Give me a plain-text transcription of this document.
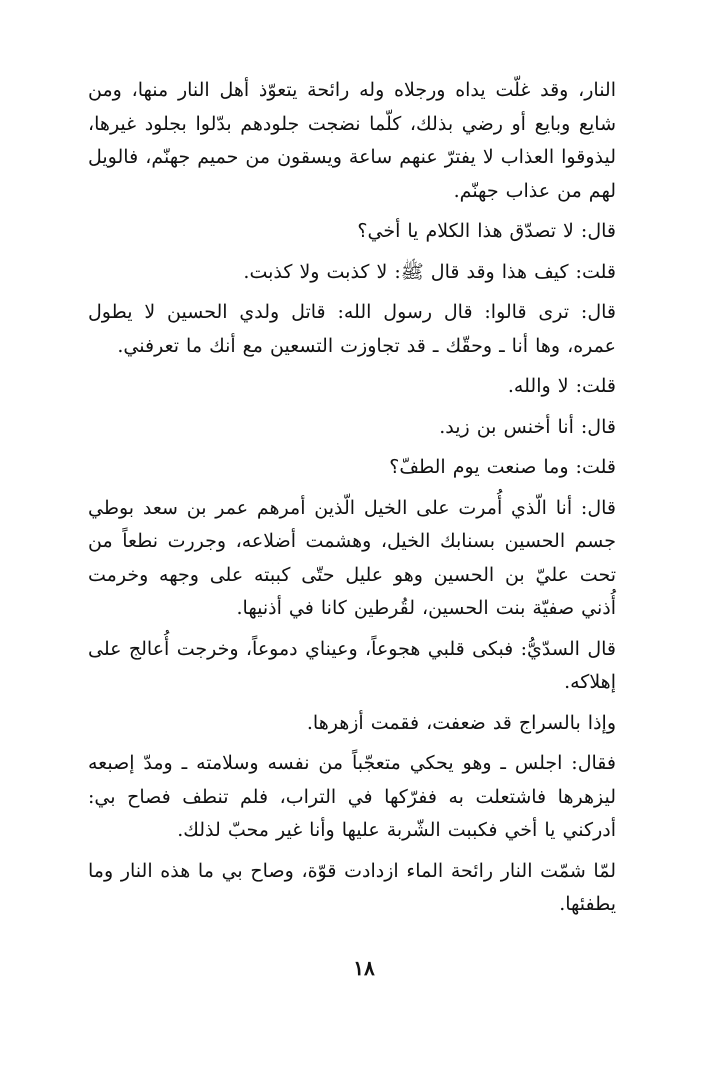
النار، وقد غلّت يداه ورجلاه وله رائحة يتعوّذ أهل النار منها، ومن شايع وبايع أو رضي بذلك، كلّما نضجت جلودهم بدّلوا بجلود غيرها، ليذوقوا العذاب لا يفترّ عنهم ساعة ويسقون من حميم جهنّم، فالويل لهم من عذاب جهنّم.

قال: لا تصدّق هذا الكلام يا أخي؟

قلت: كيف هذا وقد قال ﷺ: لا كذبت ولا كذبت.

قال: ترى قالوا: قال رسول الله: قاتل ولدي الحسين لا يطول عمره، وها أنا ـ وحقّك ـ قد تجاوزت التسعين مع أنك ما تعرفني.

قلت: لا والله.

قال: أنا أخنس بن زيد.

قلت: وما صنعت يوم الطفّ؟

قال: أنا الّذي أُمرت على الخيل الّذين أمرهم عمر بن سعد بوطي جسم الحسين بسنابك الخيل، وهشمت أضلاعه، وجررت نطعاً من تحت عليّ بن الحسين وهو عليل حتّى كببته على وجهه وخرمت أُذني صفيّة بنت الحسين، لقُرطين كانا في أذنيها.

قال السدّيُّ: فبكى قلبي هجوعاً، وعيناي دموعاً، وخرجت أُعالج على إهلاكه.

وإذا بالسراج قد ضعفت، فقمت أزهرها.

فقال: اجلس ـ وهو يحكي متعجّباً من نفسه وسلامته ـ ومدّ إصبعه ليزهرها فاشتعلت به ففرّكها في التراب، فلم تنطف فصاح بي: أدركني يا أخي فكببت الشّربة عليها وأنا غير محبّ لذلك.

لمّا شمّت النار رائحة الماء ازدادت قوّة، وصاح بي ما هذه النار وما يطفئها.

١٨
